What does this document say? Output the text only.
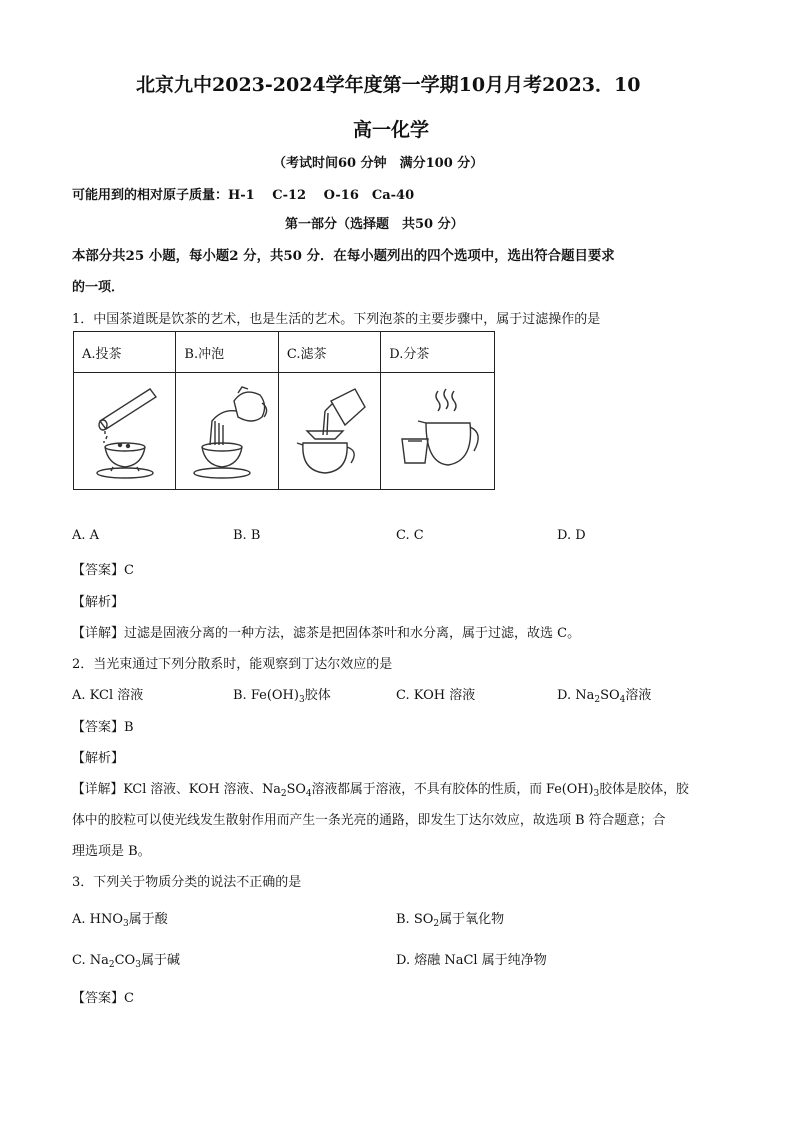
北京九中2023-2024学年度第一学期10月月考2023．10
高一化学
（考试时间60 分钟　满分100 分）
可能用到的相对原子质量：H-1　 C-12　 O-16　Ca-40
第一部分（选择题　共50 分）
本部分共25 小题，每小题2 分，共50 分．在每小题列出的四个选项中，选出符合题目要求
的一项．
1．中国茶道既是饮茶的艺术，也是生活的艺术。下列泡茶的主要步骤中，属于过滤操作的是
A.投茶	B.冲泡	C.滤茶	D.分茶

A. A	B. B	C. C	D. D
【答案】C
【解析】
【详解】过滤是固液分离的一种方法，滤茶是把固体茶叶和水分离，属于过滤，故选 C。
2．当光束通过下列分散系时，能观察到丁达尔效应的是
A. KCl 溶液	B. $Fe(OH)_3$胶体	C. KOH 溶液	D. $Na_2SO_4$溶液
【答案】B
【解析】
【详解】KCl 溶液、KOH 溶液、$Na_2SO_4$溶液都属于溶液，不具有胶体的性质，而 $Fe(OH)_3$胶体是胶体，胶
体中的胶粒可以使光线发生散射作用而产生一条光亮的通路，即发生丁达尔效应，故选项 B 符合题意；合
理选项是 B。
3．下列关于物质分类的说法不正确的是
A. $HNO_3$属于酸	B. $SO_2$属于氧化物
C. $Na_2CO_3$属于碱	D. 熔融 NaCl 属于纯净物
【答案】C
